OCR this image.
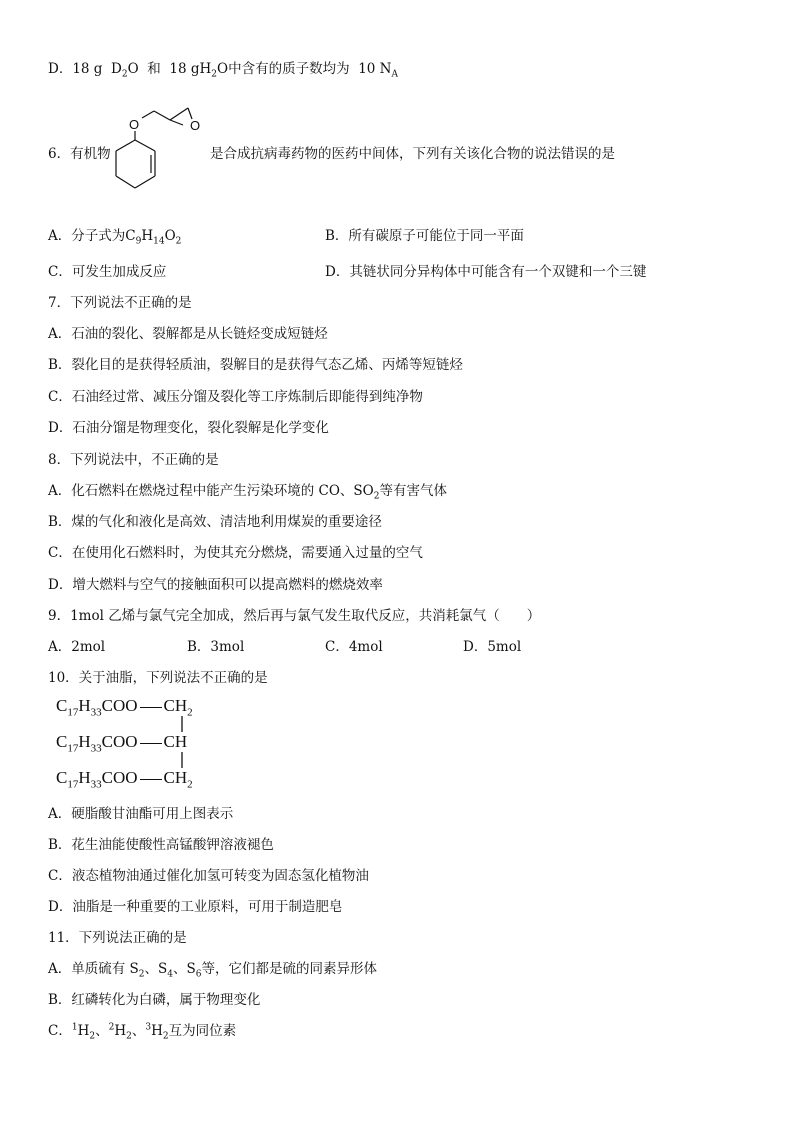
D．18 g $D_2O$ 和 18 $gH_2O$中含有的质子数均为 10 $N_A$
6．有机物
O	O
是合成抗病毒药物的医药中间体，下列有关该化合物的说法错误的是
A．分子式为$C_9H_{14}O_2$	B．所有碳原子可能位于同一平面
C．可发生加成反应	D．其链状同分异构体中可能含有一个双键和一个三键
7．下列说法不正确的是
A．石油的裂化、裂解都是从长链烃变成短链烃
B．裂化目的是获得轻质油，裂解目的是获得气态乙烯、丙烯等短链烃
C．石油经过常、减压分馏及裂化等工序炼制后即能得到纯净物
D．石油分馏是物理变化，裂化裂解是化学变化
8．下列说法中，不正确的是
A．化石燃料在燃烧过程中能产生污染环境的 CO、$SO_2$等有害气体
B．煤的气化和液化是高效、清洁地利用煤炭的重要途径
C．在使用化石燃料时，为使其充分燃烧，需要通入过量的空气
D．增大燃料与空气的接触面积可以提高燃料的燃烧效率
9．1mol 乙烯与氯气完全加成，然后再与氯气发生取代反应，共消耗氯气（　　）
A．2mol	B．3mol	C．4mol	D．5mol
10．关于油脂，下列说法不正确的是
$C_{17}H_{33}COO$ $CH_2$
$C_{17}H_{33}COO$ CH
$C_{17}H_{33}COO$ $CH_2$
A．硬脂酸甘油酯可用上图表示
B．花生油能使酸性高锰酸钾溶液褪色
C．液态植物油通过催化加氢可转变为固态氢化植物油
D．油脂是一种重要的工业原料，可用于制造肥皂
11．下列说法正确的是
A．单质硫有 $S_2$、$S_4$、$S_6$等，它们都是硫的同素异形体
B．红磷转化为白磷，属于物理变化
C．$^1H_2$、$^2H_2$、$^3H_2$互为同位素
